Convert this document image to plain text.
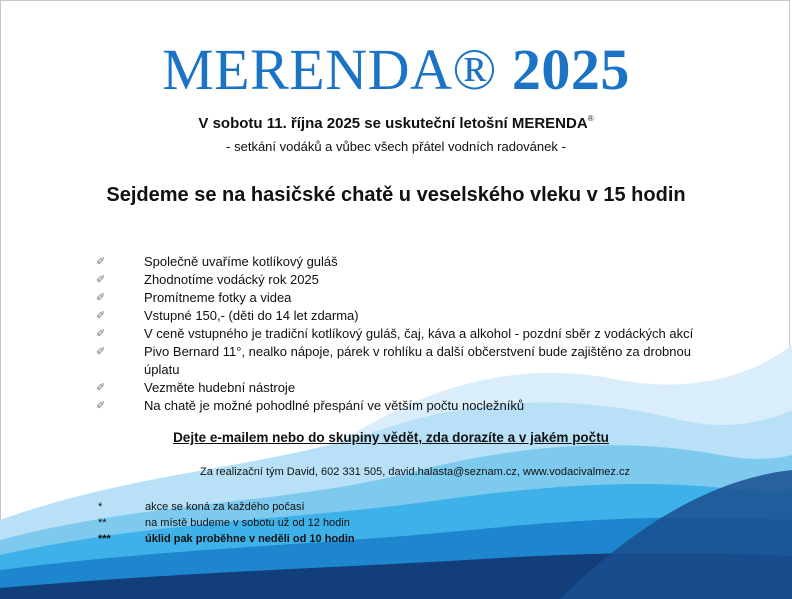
MERENDA® 2025
V sobotu 11. října 2025 se uskuteční letošní MERENDA®
- setkání vodáků a vůbec všech přátel vodních radovánek -
Sejdeme se na hasičské chatě u veselského vleku v 15 hodin
✐	Společně uvaříme kotlíkový guláš
✐	Zhodnotíme vodácký rok 2025
✐	Promítneme fotky a videa
✐	Vstupné 150,- (děti do 14 let zdarma)
✐	V ceně vstupného je tradiční kotlíkový guláš, čaj, káva a alkohol - pozdní sběr z vodáckých akcí
✐	Pivo Bernard 11°, nealko nápoje, párek v rohlíku a další občerstvení bude zajištěno za drobnou úplatu
✐	Vezměte hudební nástroje
✐	Na chatě je možné pohodlné přespání ve větším počtu nocležníků
Dejte e-mailem nebo do skupiny vědět, zda dorazíte a v jakém počtu
Za realizační tým David, 602 331 505, david.halasta@seznam.cz, www.vodacivalmez.cz
*	akce se koná za každého počasí
**	na místě budeme v sobotu už od 12 hodin
***	úklid pak proběhne v neděli od 10 hodin
